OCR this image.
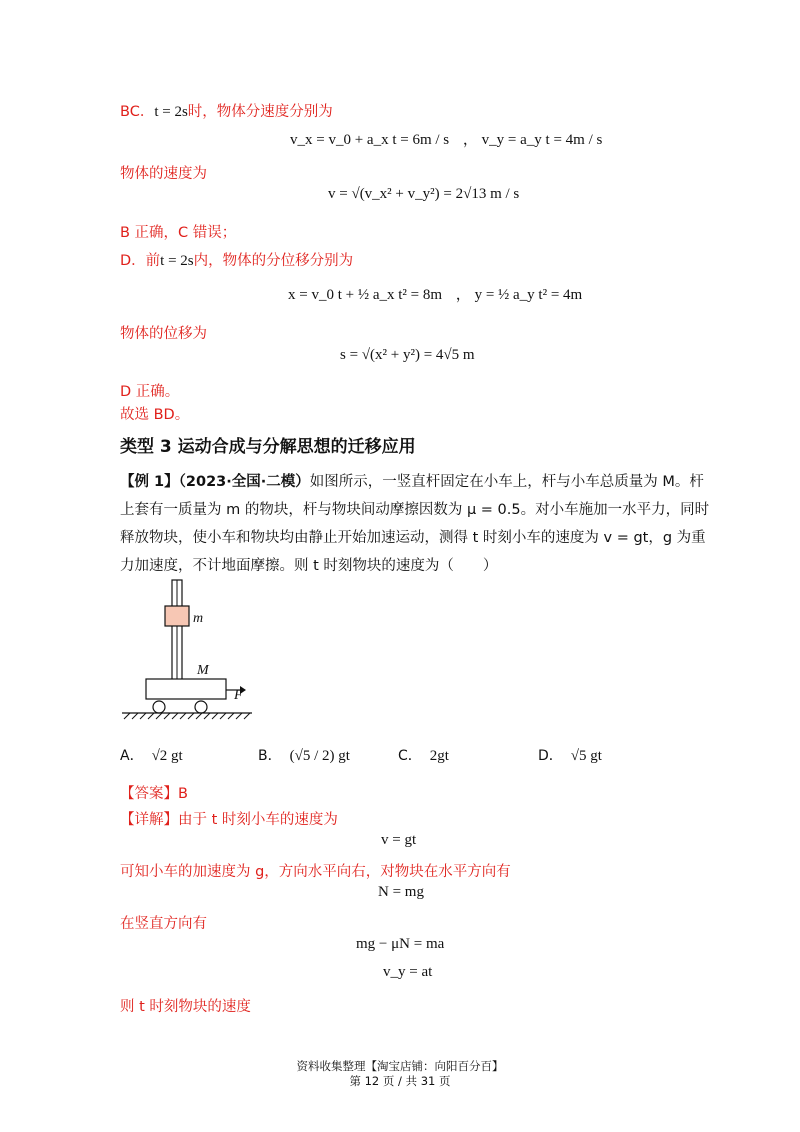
BC．t = 2s时，物体分速度分别为
v_x = v_0 + a_x t = 6m / s ， v_y = a_y t = 4m / s
物体的速度为
v = √(v_x² + v_y²) = 2√13 m / s
B 正确，C 错误；
D．前t = 2s内，物体的分位移分别为
x = v_0 t + ½ a_x t² = 8m ， y = ½ a_y t² = 4m
物体的位移为
s = √(x² + y²) = 4√5 m
D 正确。
故选 BD。
类型 3 运动合成与分解思想的迁移应用
【例 1】（2023·全国·二模）如图所示，一竖直杆固定在小车上，杆与小车总质量为 M。杆
上套有一质量为 m 的物块，杆与物块间动摩擦因数为 μ = 0.5。对小车施加一水平力，同时
释放物块，使小车和物块均由静止开始加速运动，测得 t 时刻小车的速度为 v = gt，g 为重
力加速度，不计地面摩擦。则 t 时刻物块的速度为（　　）
m
M
F
A． √2 gt	B． (√5 / 2) gt	C． 2gt	D． √5 gt
【答案】B
【详解】由于 t 时刻小车的速度为
v = gt
可知小车的加速度为 g，方向水平向右，对物块在水平方向有
N = mg
在竖直方向有
mg − μN = ma
v_y = at
则 t 时刻物块的速度
资料收集整理【淘宝店铺：向阳百分百】
第 12 页 / 共 31 页
